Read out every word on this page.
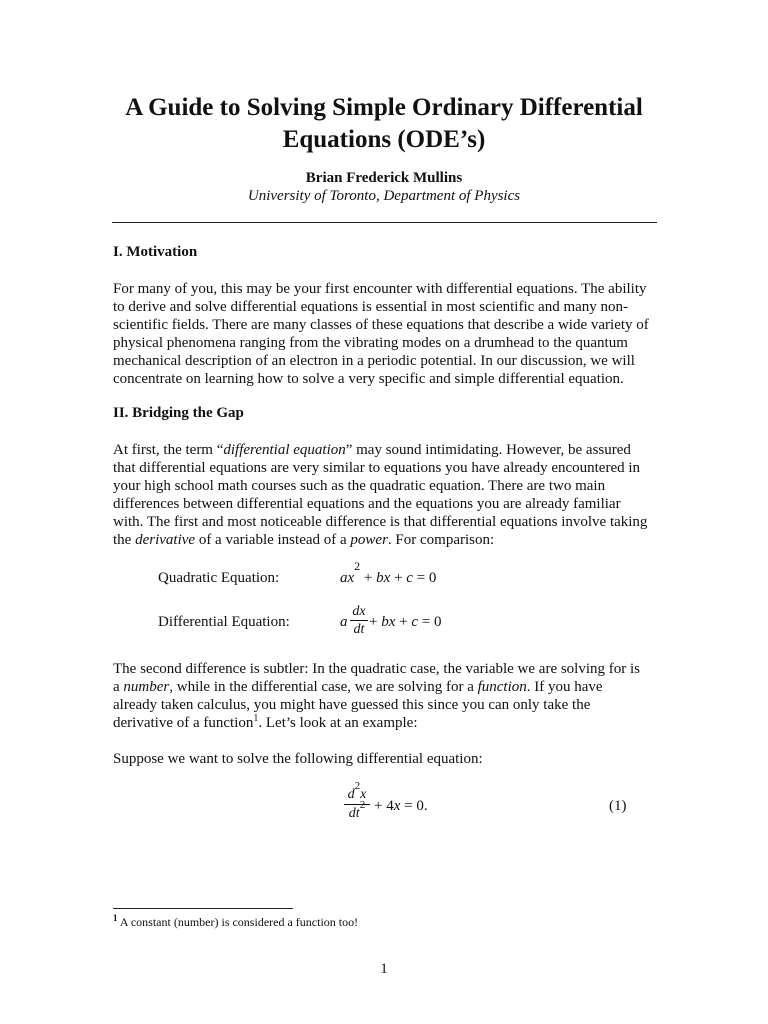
A Guide to Solving Simple Ordinary Differential
Equations (ODE’s)

Brian Frederick Mullins

University of Toronto, Department of Physics

I. Motivation

For many of you, this may be your first encounter with differential equations. The ability
to derive and solve differential equations is essential in most scientific and many non-
scientific fields. There are many classes of these equations that describe a wide variety of
physical phenomena ranging from the vibrating modes on a drumhead to the quantum
mechanical description of an electron in a periodic potential. In our discussion, we will
concentrate on learning how to solve a very specific and simple differential equation.

II. Bridging the Gap

At first, the term “differential equation” may sound intimidating. However, be assured
that differential equations are very similar to equations you have already encountered in
your high school math courses such as the quadratic equation. There are two main
differences between differential equations and the equations you are already familiar
with. The first and most noticeable difference is that differential equations involve taking
the derivative of a variable instead of a power. For comparison:

Quadratic Equation:	$ax^2$ + bx + c = 0
Differential Equation:	a $\frac{dx}{dt}$ + bx + c = 0

The second difference is subtler: In the quadratic case, the variable we are solving for is
a number, while in the differential case, we are solving for a function. If you have
already taken calculus, you might have guessed this since you can only take the
derivative of a function$^1$. Let’s look at an example:

Suppose we want to solve the following differential equation:

$\frac{d^2x}{dt^2} + 4x = 0$.	(1)
$^1$ A constant (number) is considered a function too!
1
